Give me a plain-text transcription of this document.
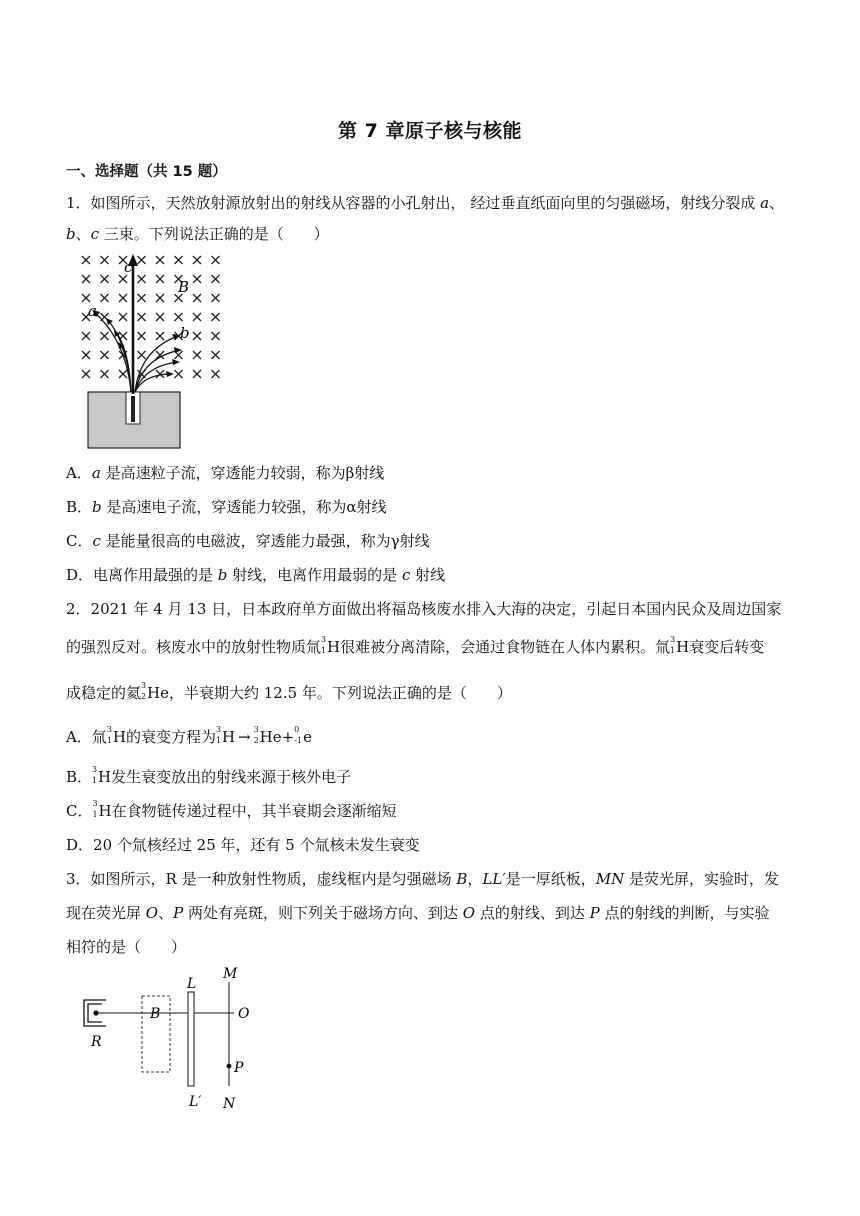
第 7 章原子核与核能
一、选择题（共 15 题）
1．如图所示，天然放射源放射出的射线从容器的小孔射出， 经过垂直纸面向里的匀强磁场，射线分裂成 a、
b、c 三束。下列说法正确的是（　　）
c
B
a
b
A．a 是高速粒子流，穿透能力较弱，称为β射线
B．b 是高速电子流，穿透能力较强，称为α射线
C．c 是能量很高的电磁波，穿透能力最强，称为γ射线
D．电离作用最强的是 b 射线，电离作用最弱的是 c 射线
2．2021 年 4 月 13 日，日本政府单方面做出将福岛核废水排入大海的决定，引起日本国内民众及周边国家
的强烈反对。核废水中的放射性物质氚 3
1 H很难被分离清除，会通过食物链在人体内累积。氚 3
1 H衰变后转变
成稳定的氦 3
2 He，半衰期大约 12.5 年。下列说法正确的是（　　）
A．氚 3
1 H的衰变方程为 3
1 H → 3
2 He+ 0
-1 e
B． 3
1 H发生衰变放出的射线来源于核外电子
C． 3
1 H在食物链传递过程中，其半衰期会逐渐缩短
D．20 个氚核经过 25 年，还有 5 个氚核未发生衰变
3．如图所示，R 是一种放射性物质，虚线框内是匀强磁场 B，LL′是一厚纸板，MN 是荧光屏，实验时，发
现在荧光屏 O、P 两处有亮斑，则下列关于磁场方向、到达 O 点的射线、到达 P 点的射线的判断，与实验
相符的是（　　）
R
B
L
L′
M
O
P
N
